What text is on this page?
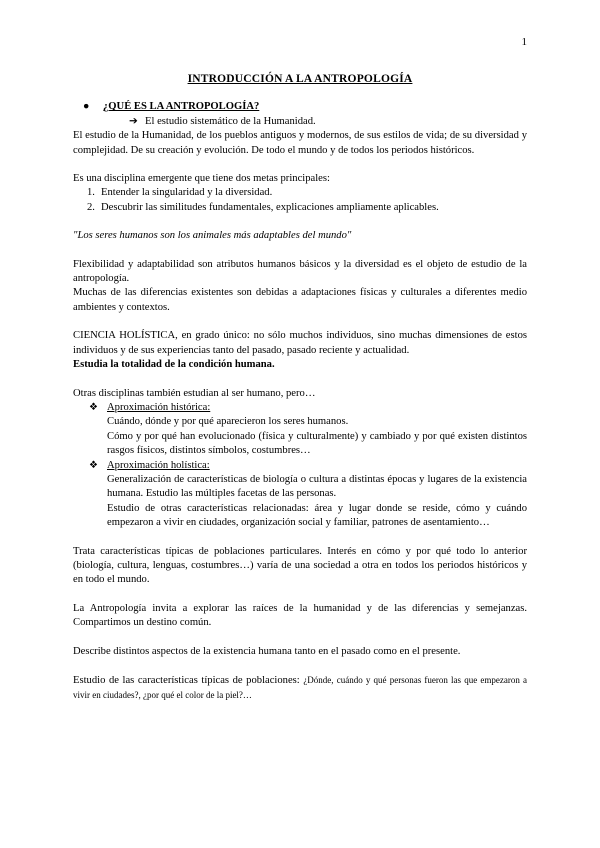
1
INTRODUCCIÓN A LA ANTROPOLOGÍA
● ¿QUÉ ES LA ANTROPOLOGÍA?
➔ El estudio sistemático de la Humanidad.

El estudio de la Humanidad, de los pueblos antiguos y modernos, de sus estilos de vida; de su diversidad y complejidad. De su creación y evolución. De todo el mundo y de todos los periodos históricos.

Es una disciplina emergente que tiene dos metas principales:

1. Entender la singularidad y la diversidad.
2. Descubrir las similitudes fundamentales, explicaciones ampliamente aplicables.

"Los seres humanos son los animales más adaptables del mundo"

Flexibilidad y adaptabilidad son atributos humanos básicos y la diversidad es el objeto de estudio de la antropología.

Muchas de las diferencias existentes son debidas a adaptaciones físicas y culturales a diferentes medio ambientes y contextos.

CIENCIA HOLÍSTICA, en grado único: no sólo muchos individuos, sino muchas dimensiones de estos individuos y de sus experiencias tanto del pasado, pasado reciente y actualidad.

Estudia la totalidad de la condición humana.

Otras disciplinas también estudian al ser humano, pero…

❖ Aproximación histórica:
Cuándo, dónde y por qué aparecieron los seres humanos.
Cómo y por qué han evolucionado (física y culturalmente) y cambiado y por qué existen distintos rasgos físicos, distintos símbolos, costumbres…
❖ Aproximación holística:
Generalización de características de biología o cultura a distintas épocas y lugares de la existencia humana. Estudio las múltiples facetas de las personas.
Estudio de otras características relacionadas: área y lugar donde se reside, cómo y cuándo empezaron a vivir en ciudades, organización social y familiar, patrones de asentamiento…

Trata características típicas de poblaciones particulares. Interés en cómo y por qué todo lo anterior (biología, cultura, lenguas, costumbres…) varía de una sociedad a otra en todos los periodos históricos y en todo el mundo.

La Antropología invita a explorar las raíces de la humanidad y de las diferencias y semejanzas. Compartimos un destino común.

Describe distintos aspectos de la existencia humana tanto en el pasado como en el presente.

Estudio de las características típicas de poblaciones: ¿Dónde, cuándo y qué personas fueron las que empezaron a vivir en ciudades?, ¿por qué el color de la piel?…
